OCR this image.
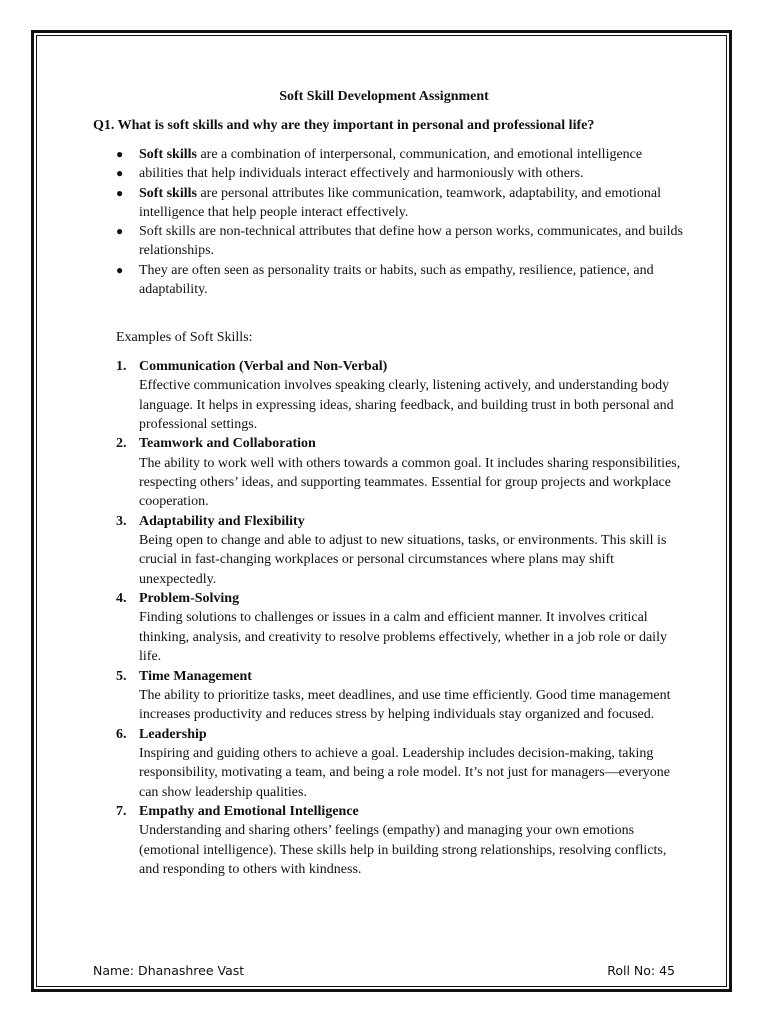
Soft Skill Development Assignment
Q1. What is soft skills and why are they important in personal and professional life?
● Soft skills are a combination of interpersonal, communication, and emotional intelligence
● abilities that help individuals interact effectively and harmoniously with others.
● Soft skills are personal attributes like communication, teamwork, adaptability, and emotional intelligence that help people interact effectively.
● Soft skills are non-technical attributes that define how a person works, communicates, and builds relationships.
● They are often seen as personality traits or habits, such as empathy, resilience, patience, and adaptability.
Examples of Soft Skills:
1. Communication (Verbal and Non-Verbal)
Effective communication involves speaking clearly, listening actively, and understanding body language. It helps in expressing ideas, sharing feedback, and building trust in both personal and professional settings.
2. Teamwork and Collaboration
The ability to work well with others towards a common goal. It includes sharing responsibilities, respecting others’ ideas, and supporting teammates. Essential for group projects and workplace cooperation.
3. Adaptability and Flexibility
Being open to change and able to adjust to new situations, tasks, or environments. This skill is crucial in fast-changing workplaces or personal circumstances where plans may shift unexpectedly.
4. Problem-Solving
Finding solutions to challenges or issues in a calm and efficient manner. It involves critical thinking, analysis, and creativity to resolve problems effectively, whether in a job role or daily life.
5. Time Management
The ability to prioritize tasks, meet deadlines, and use time efficiently. Good time management increases productivity and reduces stress by helping individuals stay organized and focused.
6. Leadership
Inspiring and guiding others to achieve a goal. Leadership includes decision-making, taking responsibility, motivating a team, and being a role model. It’s not just for managers—everyone can show leadership qualities.
7. Empathy and Emotional Intelligence
Understanding and sharing others’ feelings (empathy) and managing your own emotions (emotional intelligence). These skills help in building strong relationships, resolving conflicts, and responding to others with kindness.
Name: Dhanashree Vast	Roll No: 45
